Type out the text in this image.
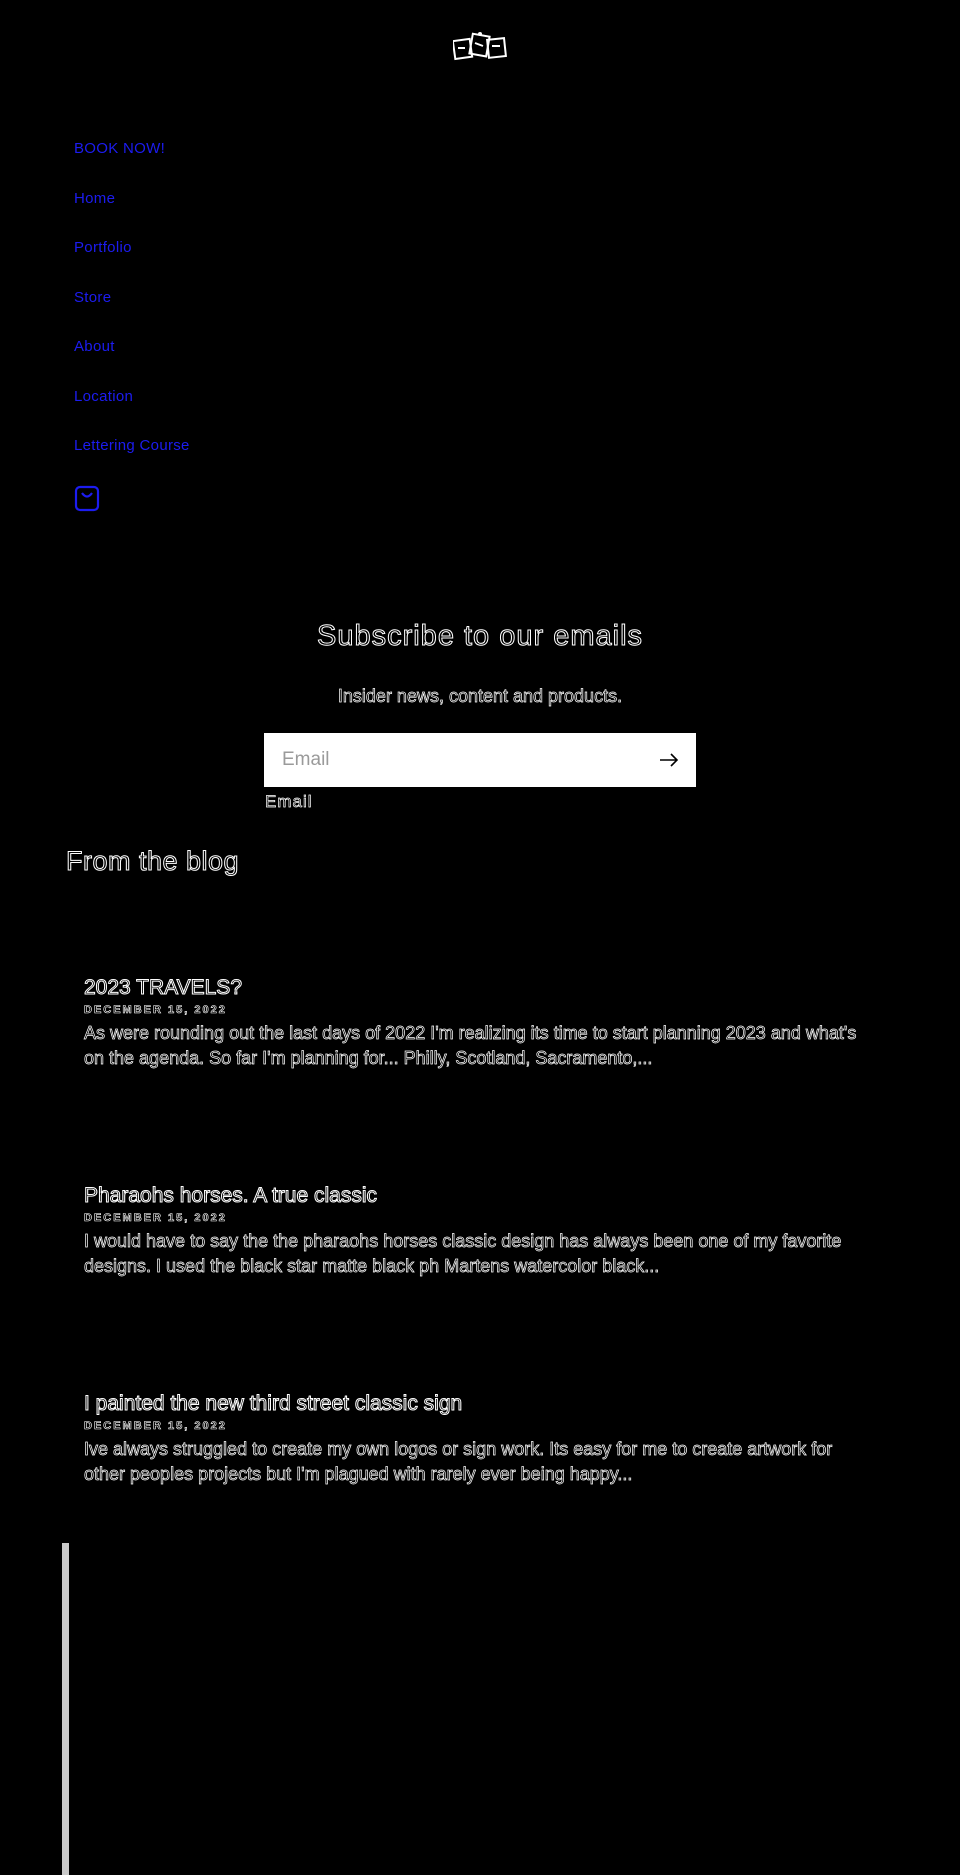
BOOK NOW!
Home
Portfolio
Store
About
Location
Lettering Course
Subscribe to our emails

Insider news, content and products.

Email
Email
From the blog
2023 TRAVELS?
DECEMBER 15, 2022
As were rounding out the last days of 2022 I'm realizing its time to start planning 2023 and what's on the agenda. So far I'm planning for... Philly, Scotland, Sacramento,...
Pharaohs horses. A true classic
DECEMBER 15, 2022
I would have to say the the pharaohs horses classic design has always been one of my favorite designs. I used the black star matte black ph Martens watercolor black...
I painted the new third street classic sign
DECEMBER 15, 2022
Ive always struggled to create my own logos or sign work. Its easy for me to create artwork for other peoples projects but I'm plagued with rarely ever being happy...
